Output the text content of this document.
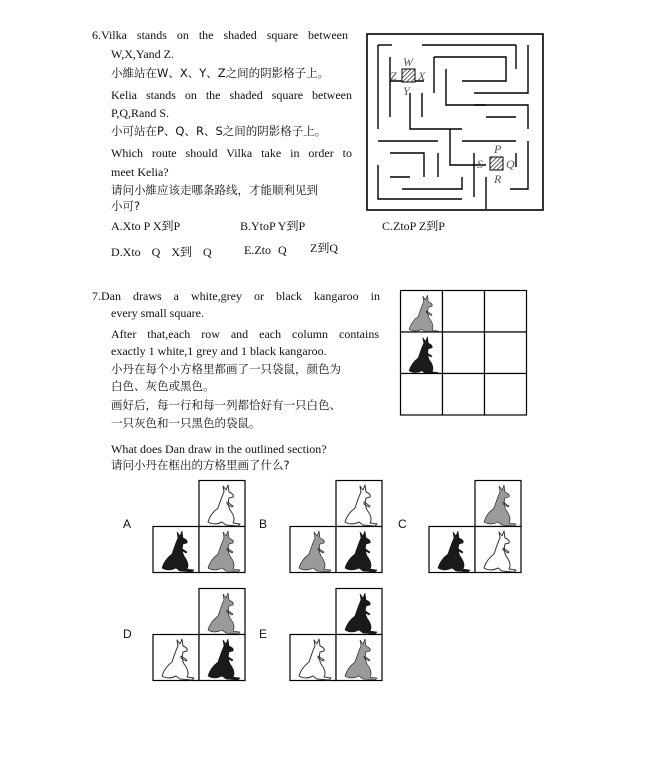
6.Vilka stands on the shaded square between
W,X,Yand Z.
小維站在W、X、Y、Z之间的阴影格子上。
Kelia stands on the shaded square between
P,Q,Rand S.
小可站在P、Q、R、S之间的阴影格子上。
Which route should Vilka take in order to
meet Kelia?
请问小維应该走哪条路线，才能顺利见到
小可?
A.Xto P X到P	B.YtoP Y到P	C.ZtoP Z到P
D.Xto Q X到 Q	E.Zto Q Z到Q
W
X
Y
Z
P
Q
R
S
7.Dan draws a white,grey or black kangaroo in
every small square.
After that,each row and each column contains
exactly 1 white,1 grey and 1 black kangaroo.
小丹在每个小方格里都画了一只袋鼠，颜色为
白色、灰色或黑色。
画好后，每一行和每一列都恰好有一只白色、
一只灰色和一只黑色的袋鼠。
What does Dan draw in the outlined section?
请问小丹在框出的方格里画了什么?
A	B	C
D	E
